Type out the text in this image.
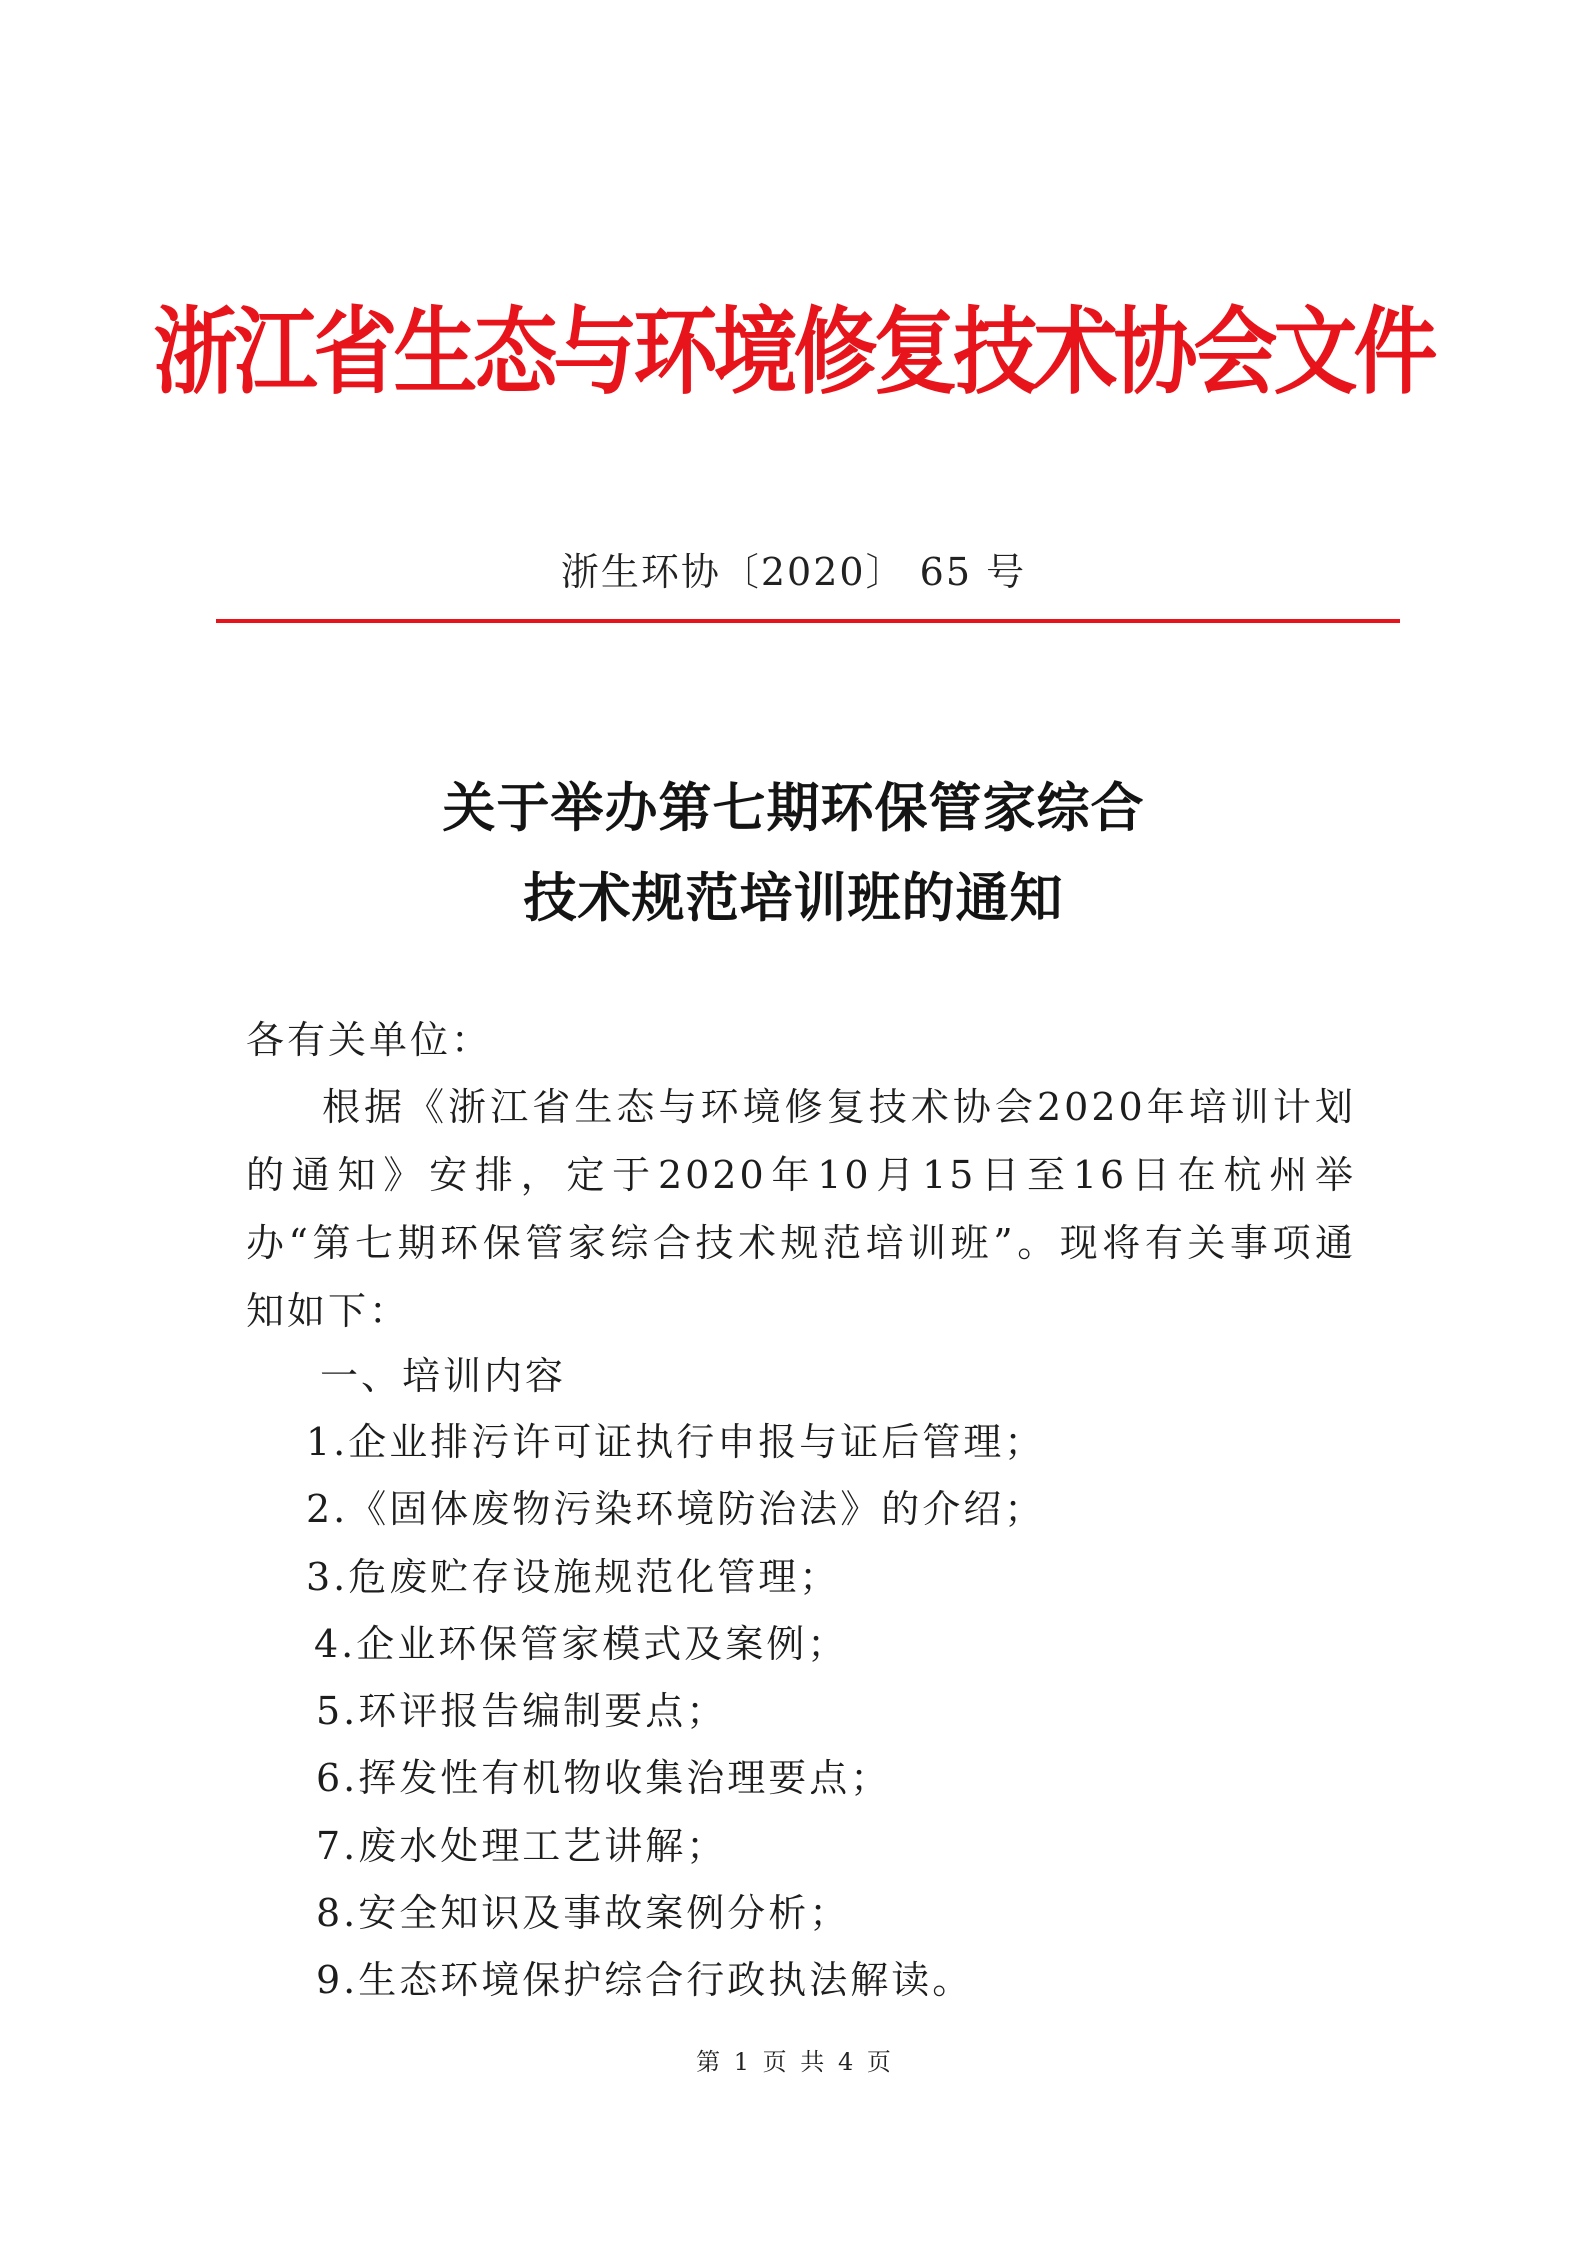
浙江省生态与环境修复技术协会文件
浙生环协〔2020〕 65 号
关于举办第七期环保管家综合
技术规范培训班的通知
各有关单位：
根据《浙江省生态与环境修复技术协会2020年培训计划的通知》安排，定于2020年10月15日至16日在杭州举办“第七期环保管家综合技术规范培训班”。现将有关事项通知如下：
一、培训内容
1.企业排污许可证执行申报与证后管理；
2.《固体废物污染环境防治法》的介绍；
3.危废贮存设施规范化管理；
4.企业环保管家模式及案例；
5.环评报告编制要点；
6.挥发性有机物收集治理要点；
7.废水处理工艺讲解；
8.安全知识及事故案例分析；
9.生态环境保护综合行政执法解读。
第 1 页 共 4 页
